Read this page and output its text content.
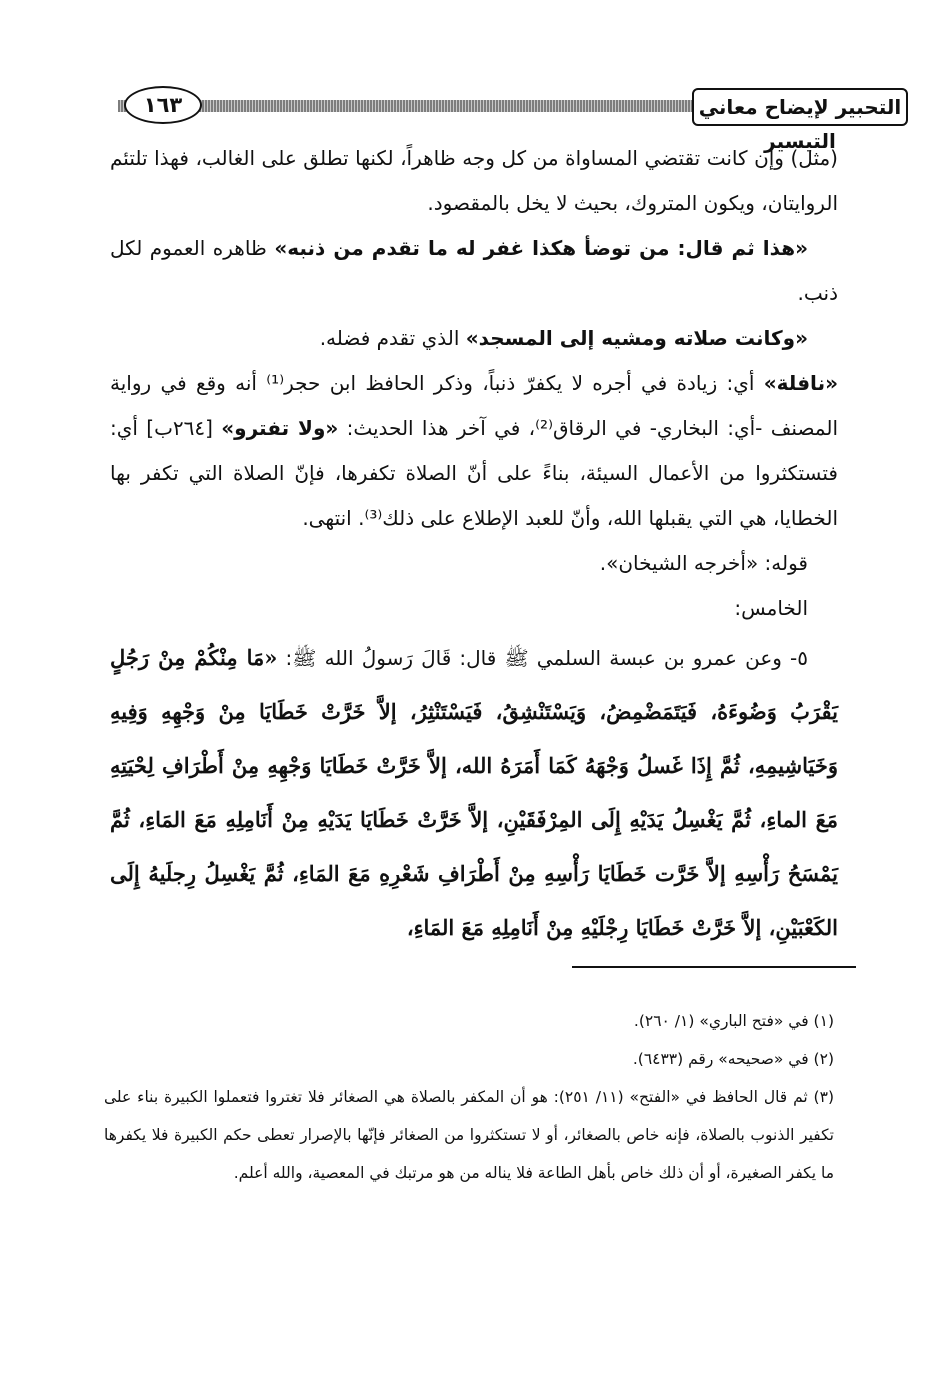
١٦٣	التحبير لإيضاح معاني التيسير

(مثل) وإن كانت تقتضي المساواة من كل وجه ظاهراً، لكنها تطلق على الغالب، فهذا تلتئم الروايتان، ويكون المتروك، بحيث لا يخل بالمقصود.

«هذا ثم قال: من توضأ هكذا غفر له ما تقدم من ذنبه» ظاهره العموم لكل ذنب.

«وكانت صلاته ومشيه إلى المسجد» الذي تقدم فضله.

«نافلة» أي: زيادة في أجره لا يكفرّ ذنباً، وذكر الحافظ ابن حجر⁽¹⁾ أنه وقع في رواية المصنف -أي: البخاري- في الرقاق⁽²⁾، في آخر هذا الحديث: «ولا تفترو» [٢٦٤ب] أي: فتستكثروا من الأعمال السيئة، بناءً على أنّ الصلاة تكفرها، فإنّ الصلاة التي تكفر بها الخطايا، هي التي يقبلها الله، وأنّ للعبد الإطلاع على ذلك⁽³⁾. انتهى.

قوله: «أخرجه الشيخان».

الخامس:

٥- وعن عمرو بن عبسة السلمي ﷺ قال: قَالَ رَسولُ الله ﷺ: «مَا مِنْكُمْ مِنْ رَجُلٍ يَقْرَبُ وَضُوءَهُ، فَيَتَمَضْمِضُ، وَيَسْتَنْشِقُ، فَيَسْتَنْثِرُ، إلاَّ خَرَّتْ خَطَايَا مِنْ وَجْهِهِ وَفِيهِ وَخَيَاشِيمِهِ، ثُمَّ إِذَا غَسلُ وَجْهَهُ كَمَا أَمَرَهُ الله، إلاَّ خَرَّتْ خَطَايَا وَجْهِهِ مِنْ أَطْرَافِ لِحْيَتِهِ مَعَ الماءِ، ثُمَّ يَغْسِلُ يَدَيْهِ إِلَى المِرْفَقَيْنِ، إلاَّ خَرَّتْ خَطَايَا يَدَيْهِ مِنْ أَنَامِلِهِ مَعَ المَاءِ، ثُمَّ يَمْسَحُ رَأْسِهِ إلاَّ خَرَّت خَطَايَا رَأْسِهِ مِنْ أَطْرَافِ شَعْرِهِ مَعَ المَاءِ، ثُمَّ يَغْسِلُ رِجلَيهُ إِلَى الكَعْبَيْنِ، إلاَّ خَرَّتْ خَطَايَا رِجْلَيْهِ مِنْ أَنَامِلِهِ مَعَ المَاءِ،

(١) في «فتح الباري» (١/ ٢٦٠).

(٢) في «صحيحه» رقم (٦٤٣٣).

(٣) ثم قال الحافظ في «الفتح» (١١/ ٢٥١): هو أن المكفر بالصلاة هي الصغائر فلا تغتروا فتعملوا الكبيرة بناء على تكفير الذنوب بالصلاة، فإنه خاص بالصغائر، أو لا تستكثروا من الصغائر فإنّها بالإصرار تعطى حكم الكبيرة فلا يكفرها ما يكفر الصغيرة، أو أن ذلك خاص بأهل الطاعة فلا يناله من هو مرتبك في المعصية، والله أعلم.
